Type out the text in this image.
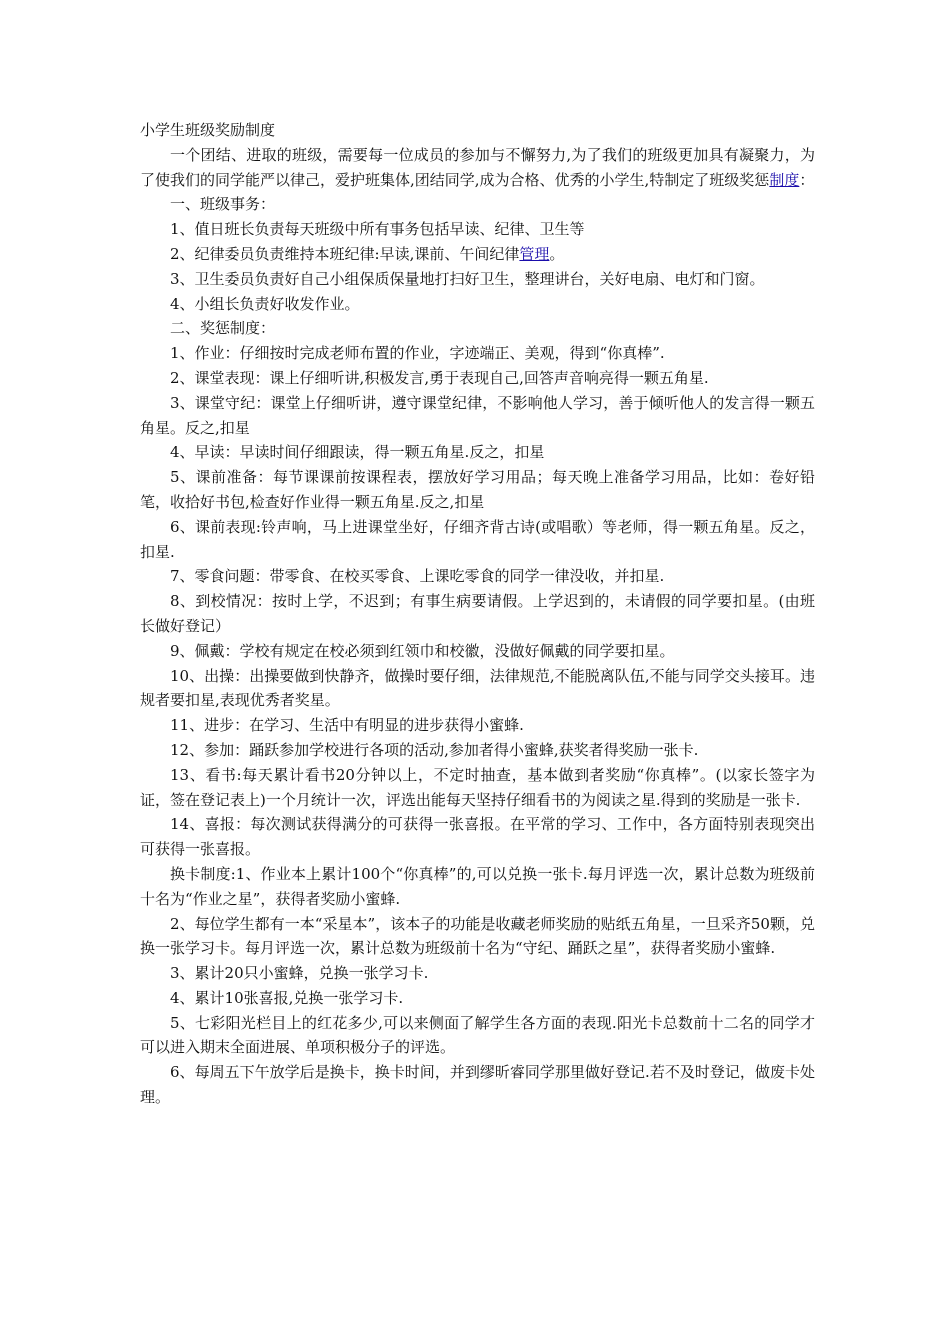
小学生班级奖励制度

一个团结、进取的班级，需要每一位成员的参加与不懈努力,为了我们的班级更加具有凝聚力，为了使我们的同学能严以律己，爱护班集体,团结同学,成为合格、优秀的小学生,特制定了班级奖惩制度：

一、班级事务：

1、值日班长负责每天班级中所有事务包括早读、纪律、卫生等

2、纪律委员负责维持本班纪律:早读,课前、午间纪律管理。

3、卫生委员负责好自己小组保质保量地打扫好卫生，整理讲台，关好电扇、电灯和门窗。

4、小组长负责好收发作业。

二、奖惩制度：

1、作业：仔细按时完成老师布置的作业，字迹端正、美观，得到“你真棒”.

2、课堂表现：课上仔细听讲,积极发言,勇于表现自己,回答声音响亮得一颗五角星.

3、课堂守纪：课堂上仔细听讲，遵守课堂纪律，不影响他人学习，善于倾听他人的发言得一颗五角星。反之,扣星

4、早读：早读时间仔细跟读，得一颗五角星.反之，扣星

5、课前准备：每节课课前按课程表，摆放好学习用品；每天晚上准备学习用品，比如：卷好铅笔，收拾好书包,检查好作业得一颗五角星.反之,扣星

6、课前表现:铃声响，马上进课堂坐好，仔细齐背古诗(或唱歌）等老师，得一颗五角星。反之，扣星.

7、零食问题：带零食、在校买零食、上课吃零食的同学一律没收，并扣星.

8、到校情况：按时上学，不迟到；有事生病要请假。上学迟到的，未请假的同学要扣星。(由班长做好登记）

9、佩戴：学校有规定在校必须到红领巾和校徽，没做好佩戴的同学要扣星。

10、出操：出操要做到快静齐，做操时要仔细，法律规范,不能脱离队伍,不能与同学交头接耳。违规者要扣星,表现优秀者奖星。

11、进步：在学习、生活中有明显的进步获得小蜜蜂.

12、参加：踊跃参加学校进行各项的活动,参加者得小蜜蜂,获奖者得奖励一张卡.

13、看书:每天累计看书20分钟以上，不定时抽查，基本做到者奖励“你真棒”。(以家长签字为证，签在登记表上)一个月统计一次，评选出能每天坚持仔细看书的为阅读之星.得到的奖励是一张卡.

14、喜报：每次测试获得满分的可获得一张喜报。在平常的学习、工作中，各方面特别表现突出可获得一张喜报。

换卡制度:1、作业本上累计100个“你真棒”的,可以兑换一张卡.每月评选一次，累计总数为班级前十名为“作业之星”，获得者奖励小蜜蜂.

2、每位学生都有一本“采星本”，该本子的功能是收藏老师奖励的贴纸五角星，一旦采齐50颗，兑换一张学习卡。每月评选一次，累计总数为班级前十名为“守纪、踊跃之星”，获得者奖励小蜜蜂.

3、累计20只小蜜蜂，兑换一张学习卡.

4、累计10张喜报,兑换一张学习卡.

5、七彩阳光栏目上的红花多少,可以来侧面了解学生各方面的表现.阳光卡总数前十二名的同学才可以进入期末全面进展、单项积极分子的评选。

6、每周五下午放学后是换卡，换卡时间，并到缪昕睿同学那里做好登记.若不及时登记，做废卡处理。
